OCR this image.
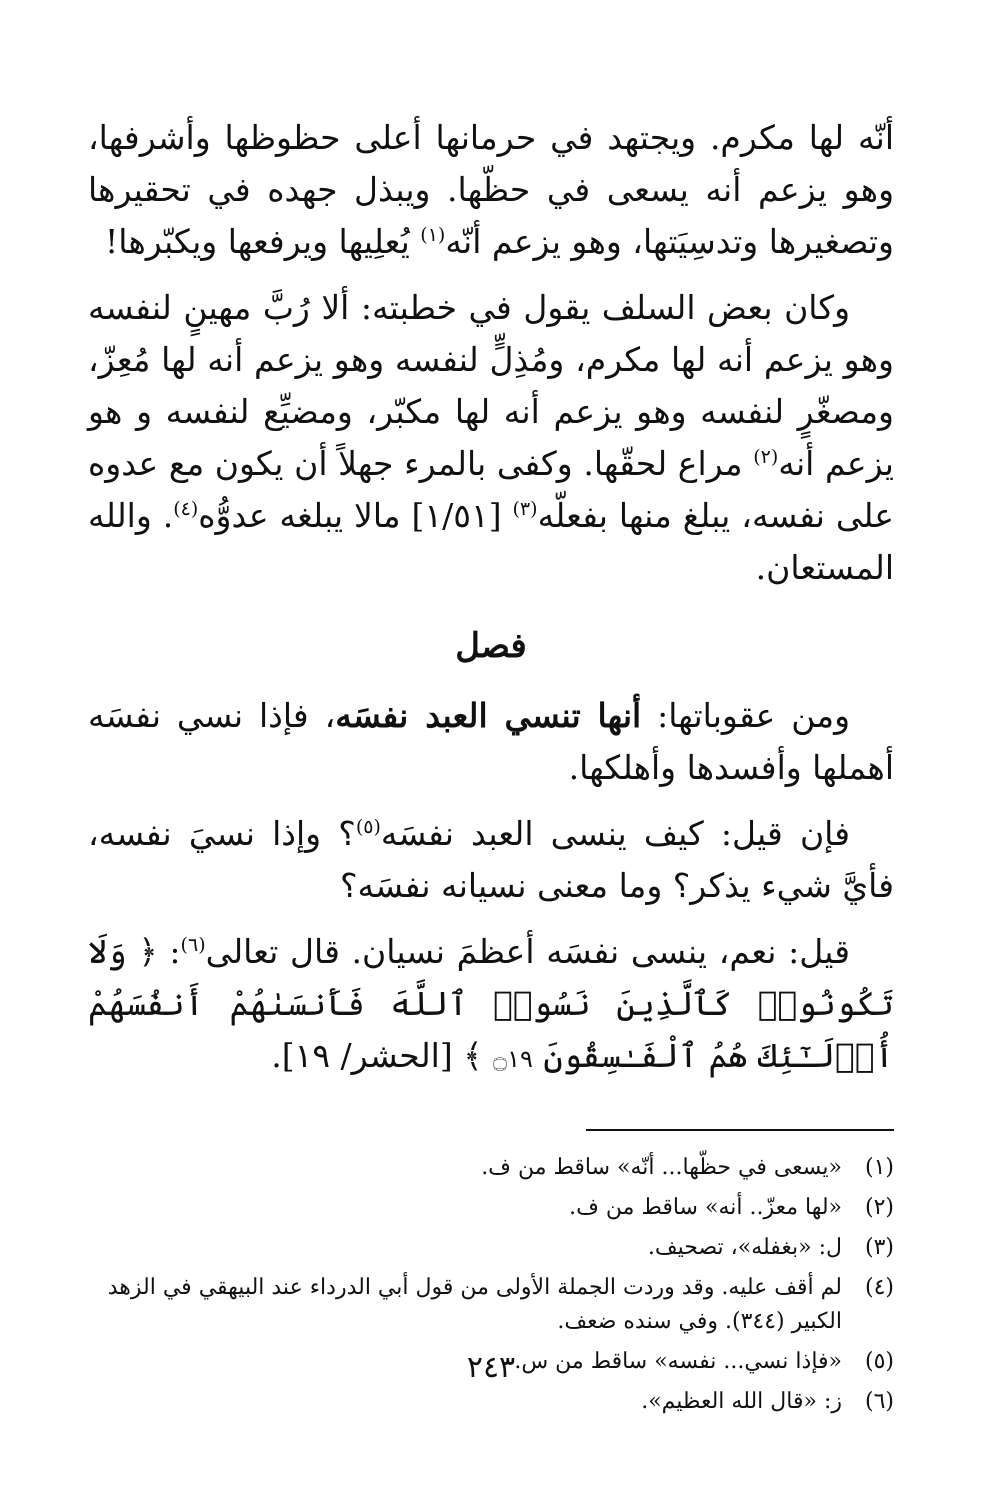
أنّه لها مكرم. ويجتهد في حرمانها أعلى حظوظها وأشرفها، وهو يزعم أنه يسعى في حظّها. ويبذل جهده في تحقيرها وتصغيرها وتدسِيَتها، وهو يزعم أنّه$^{(١)}$ يُعلِيها ويرفعها ويكبّرها!

وكان بعض السلف يقول في خطبته: ألا رُبَّ مهينٍ لنفسه وهو يزعم أنه لها مكرم، ومُذِلٍّ لنفسه وهو يزعم أنه لها مُعِزّ، ومصغّرٍ لنفسه وهو يزعم أنه لها مكبّر، ومضيِّع لنفسه و هو يزعم أنه$^{(٢)}$ مراع لحقّها. وكفى بالمرء جهلاً أن يكون مع عدوه على نفسه، يبلغ منها بفعلّه$^{(٣)}$ [١/٥١] مالا يبلغه عدوُّه$^{(٤)}$. والله المستعان.

فصل

ومن عقوباتها: أنها تنسي العبد نفسَه، فإذا نسي نفسَه أهملها وأفسدها وأهلكها.

فإن قيل: كيف ينسى العبد نفسَه$^{(٥)}$؟ وإذا نسيَ نفسه، فأيَّ شيء يذكر؟ وما معنى نسيانه نفسَه؟

قيل: نعم، ينسى نفسَه أعظمَ نسيان. قال تعالى$^{(٦)}$: ﴿ وَلَا تَكُونُوا۟ كَٱلَّذِينَ نَسُوا۟ ٱللَّهَ فَأَنسَىٰهُمْ أَنفُسَهُمْ أُو۟لَـٰٓئِكَ هُمُ ٱلْفَـٰسِقُونَ ۝١٩ ﴾ [الحشر/ ١٩].

(١)
«يسعى في حظّها... أنّه» ساقط من ف.
(٢)
«لها معزّ.. أنه» ساقط من ف.
(٣)
ل: «بغفله»، تصحيف.
(٤)
لم أقف عليه. وقد وردت الجملة الأولى من قول أبي الدرداء عند البيهقي في الزهد الكبير (٣٤٤). وفي سنده ضعف.
(٥)
«فإذا نسي... نفسه» ساقط من س.
(٦)
ز: «قال الله العظيم».
٢٤٣
